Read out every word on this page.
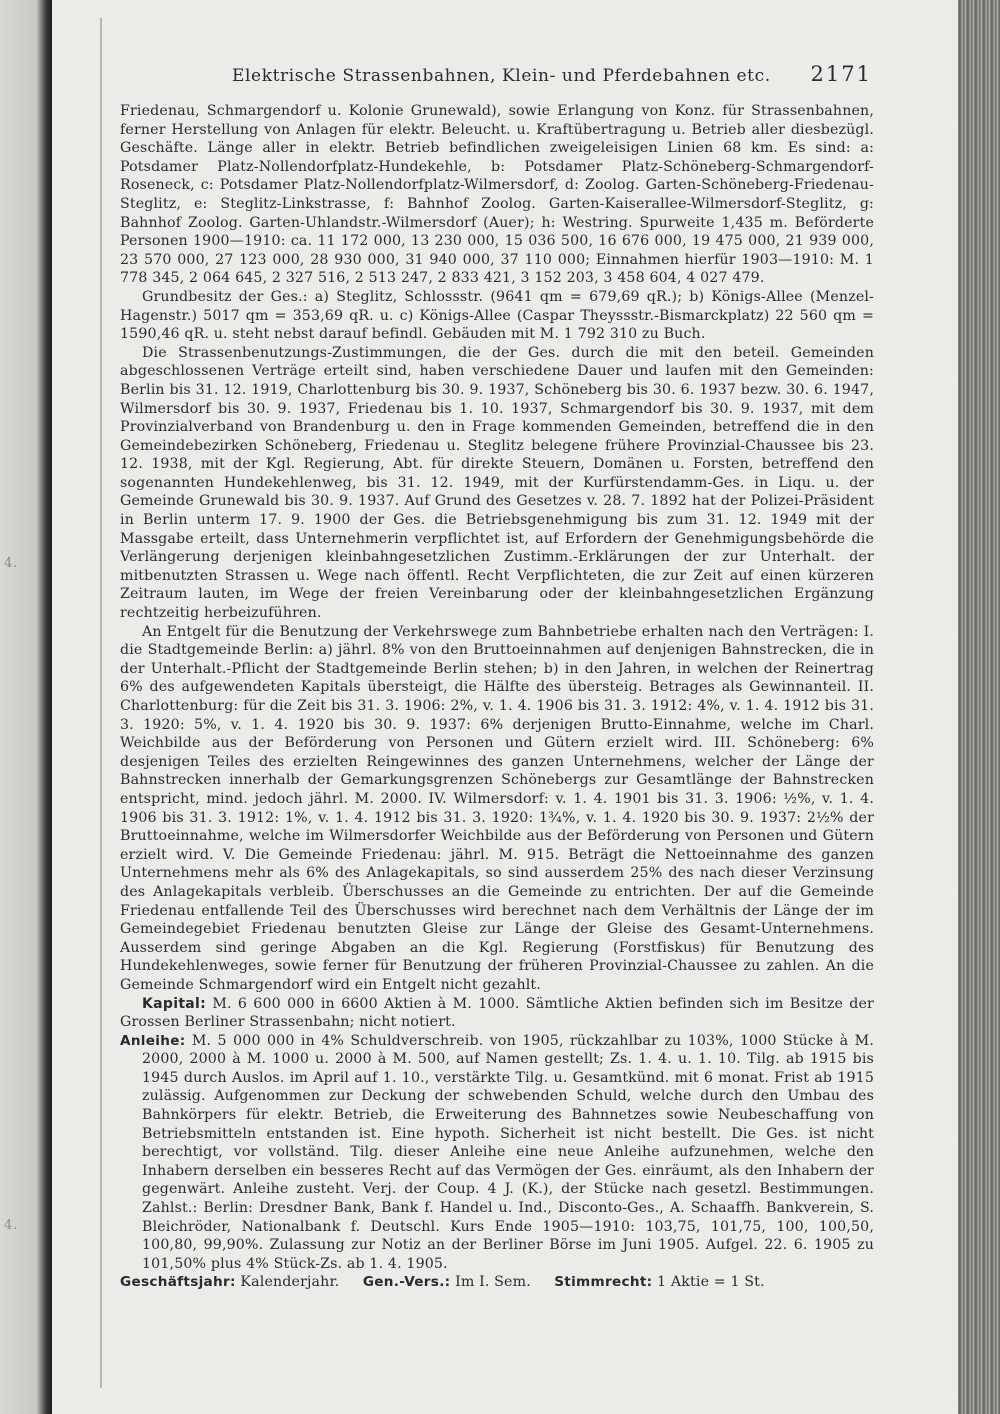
4.
4.
Elektrische Strassenbahnen, Klein- und Pferdebahnen etc. 2171

Friedenau, Schmargendorf u. Kolonie Grunewald), sowie Erlangung von Konz. für Strassenbahnen, ferner Herstellung von Anlagen für elektr. Beleucht. u. Kraftübertragung u. Betrieb aller diesbezügl. Geschäfte. Länge aller in elektr. Betrieb befindlichen zweigeleisigen Linien 68 km. Es sind: a: Potsdamer Platz-Nollendorfplatz-Hundekehle, b: Potsdamer Platz-Schöneberg-Schmargendorf-Roseneck, c: Potsdamer Platz-Nollendorfplatz-Wilmersdorf, d: Zoolog. Garten-Schöneberg-Friedenau-Steglitz, e: Steglitz-Linkstrasse, f: Bahnhof Zoolog. Garten-Kaiserallee-Wilmersdorf-Steglitz, g: Bahnhof Zoolog. Garten-Uhlandstr.-Wilmersdorf (Auer); h: Westring. Spurweite 1,435 m. Beförderte Personen 1900—1910: ca. 11 172 000, 13 230 000, 15 036 500, 16 676 000, 19 475 000, 21 939 000, 23 570 000, 27 123 000, 28 930 000, 31 940 000, 37 110 000; Einnahmen hierfür 1903—1910: M. 1 778 345, 2 064 645, 2 327 516, 2 513 247, 2 833 421, 3 152 203, 3 458 604, 4 027 479.

Grundbesitz der Ges.: a) Steglitz, Schlossstr. (9641 qm = 679,69 qR.); b) Königs-Allee (Menzel-Hagenstr.) 5017 qm = 353,69 qR. u. c) Königs-Allee (Caspar Theyssstr.-Bismarckplatz) 22 560 qm = 1590,46 qR. u. steht nebst darauf befindl. Gebäuden mit M. 1 792 310 zu Buch.

Die Strassenbenutzungs-Zustimmungen, die der Ges. durch die mit den beteil. Gemeinden abgeschlossenen Verträge erteilt sind, haben verschiedene Dauer und laufen mit den Gemeinden: Berlin bis 31. 12. 1919, Charlottenburg bis 30. 9. 1937, Schöneberg bis 30. 6. 1937 bezw. 30. 6. 1947, Wilmersdorf bis 30. 9. 1937, Friedenau bis 1. 10. 1937, Schmargendorf bis 30. 9. 1937, mit dem Provinzialverband von Brandenburg u. den in Frage kommenden Gemeinden, betreffend die in den Gemeindebezirken Schöneberg, Friedenau u. Steglitz belegene frühere Provinzial-Chaussee bis 23. 12. 1938, mit der Kgl. Regierung, Abt. für direkte Steuern, Domänen u. Forsten, betreffend den sogenannten Hundekehlenweg, bis 31. 12. 1949, mit der Kurfürstendamm-Ges. in Liqu. u. der Gemeinde Grunewald bis 30. 9. 1937. Auf Grund des Gesetzes v. 28. 7. 1892 hat der Polizei-Präsident in Berlin unterm 17. 9. 1900 der Ges. die Betriebsgenehmigung bis zum 31. 12. 1949 mit der Massgabe erteilt, dass Unternehmerin verpflichtet ist, auf Erfordern der Genehmigungsbehörde die Verlängerung derjenigen kleinbahngesetzlichen Zustimm.-Erklärungen der zur Unterhalt. der mitbenutzten Strassen u. Wege nach öffentl. Recht Verpflichteten, die zur Zeit auf einen kürzeren Zeitraum lauten, im Wege der freien Vereinbarung oder der kleinbahngesetzlichen Ergänzung rechtzeitig herbeizuführen.

An Entgelt für die Benutzung der Verkehrswege zum Bahnbetriebe erhalten nach den Verträgen: I. die Stadtgemeinde Berlin: a) jährl. 8% von den Bruttoeinnahmen auf denjenigen Bahnstrecken, die in der Unterhalt.-Pflicht der Stadtgemeinde Berlin stehen; b) in den Jahren, in welchen der Reinertrag 6% des aufgewendeten Kapitals übersteigt, die Hälfte des übersteig. Betrages als Gewinnanteil. II. Charlottenburg: für die Zeit bis 31. 3. 1906: 2%, v. 1. 4. 1906 bis 31. 3. 1912: 4%, v. 1. 4. 1912 bis 31. 3. 1920: 5%, v. 1. 4. 1920 bis 30. 9. 1937: 6% derjenigen Brutto-Einnahme, welche im Charl. Weichbilde aus der Beförderung von Personen und Gütern erzielt wird. III. Schöneberg: 6% desjenigen Teiles des erzielten Reingewinnes des ganzen Unternehmens, welcher der Länge der Bahnstrecken innerhalb der Gemarkungsgrenzen Schönebergs zur Gesamtlänge der Bahnstrecken entspricht, mind. jedoch jährl. M. 2000. IV. Wilmersdorf: v. 1. 4. 1901 bis 31. 3. 1906: ½%, v. 1. 4. 1906 bis 31. 3. 1912: 1%, v. 1. 4. 1912 bis 31. 3. 1920: 1¾%, v. 1. 4. 1920 bis 30. 9. 1937: 2½% der Bruttoeinnahme, welche im Wilmersdorfer Weichbilde aus der Beförderung von Personen und Gütern erzielt wird. V. Die Gemeinde Friedenau: jährl. M. 915. Beträgt die Nettoeinnahme des ganzen Unternehmens mehr als 6% des Anlagekapitals, so sind ausserdem 25% des nach dieser Verzinsung des Anlagekapitals verbleib. Überschusses an die Gemeinde zu entrichten. Der auf die Gemeinde Friedenau entfallende Teil des Überschusses wird berechnet nach dem Verhältnis der Länge der im Gemeindegebiet Friedenau benutzten Gleise zur Länge der Gleise des Gesamt-Unternehmens. Ausserdem sind geringe Abgaben an die Kgl. Regierung (Forstfiskus) für Benutzung des Hundekehlenweges, sowie ferner für Benutzung der früheren Provinzial-Chaussee zu zahlen. An die Gemeinde Schmargendorf wird ein Entgelt nicht gezahlt.

Kapital: M. 6 600 000 in 6600 Aktien à M. 1000. Sämtliche Aktien befinden sich im Besitze der Grossen Berliner Strassenbahn; nicht notiert.

Anleihe: M. 5 000 000 in 4% Schuldverschreib. von 1905, rückzahlbar zu 103%, 1000 Stücke à M. 2000, 2000 à M. 1000 u. 2000 à M. 500, auf Namen gestellt; Zs. 1. 4. u. 1. 10. Tilg. ab 1915 bis 1945 durch Auslos. im April auf 1. 10., verstärkte Tilg. u. Gesamtkünd. mit 6 monat. Frist ab 1915 zulässig. Aufgenommen zur Deckung der schwebenden Schuld, welche durch den Umbau des Bahnkörpers für elektr. Betrieb, die Erweiterung des Bahnnetzes sowie Neubeschaffung von Betriebsmitteln entstanden ist. Eine hypoth. Sicherheit ist nicht bestellt. Die Ges. ist nicht berechtigt, vor vollständ. Tilg. dieser Anleihe eine neue Anleihe aufzunehmen, welche den Inhabern derselben ein besseres Recht auf das Vermögen der Ges. einräumt, als den Inhabern der gegenwärt. Anleihe zusteht. Verj. der Coup. 4 J. (K.), der Stücke nach gesetzl. Bestimmungen. Zahlst.: Berlin: Dresdner Bank, Bank f. Handel u. Ind., Disconto-Ges., A. Schaaffh. Bankverein, S. Bleichröder, Nationalbank f. Deutschl. Kurs Ende 1905—1910: 103,75, 101,75, 100, 100,50, 100,80, 99,90%. Zulassung zur Notiz an der Berliner Börse im Juni 1905. Aufgel. 22. 6. 1905 zu 101,50% plus 4% Stück-Zs. ab 1. 4. 1905.

Geschäftsjahr: Kalenderjahr. Gen.-Vers.: Im I. Sem. Stimmrecht: 1 Aktie = 1 St.
